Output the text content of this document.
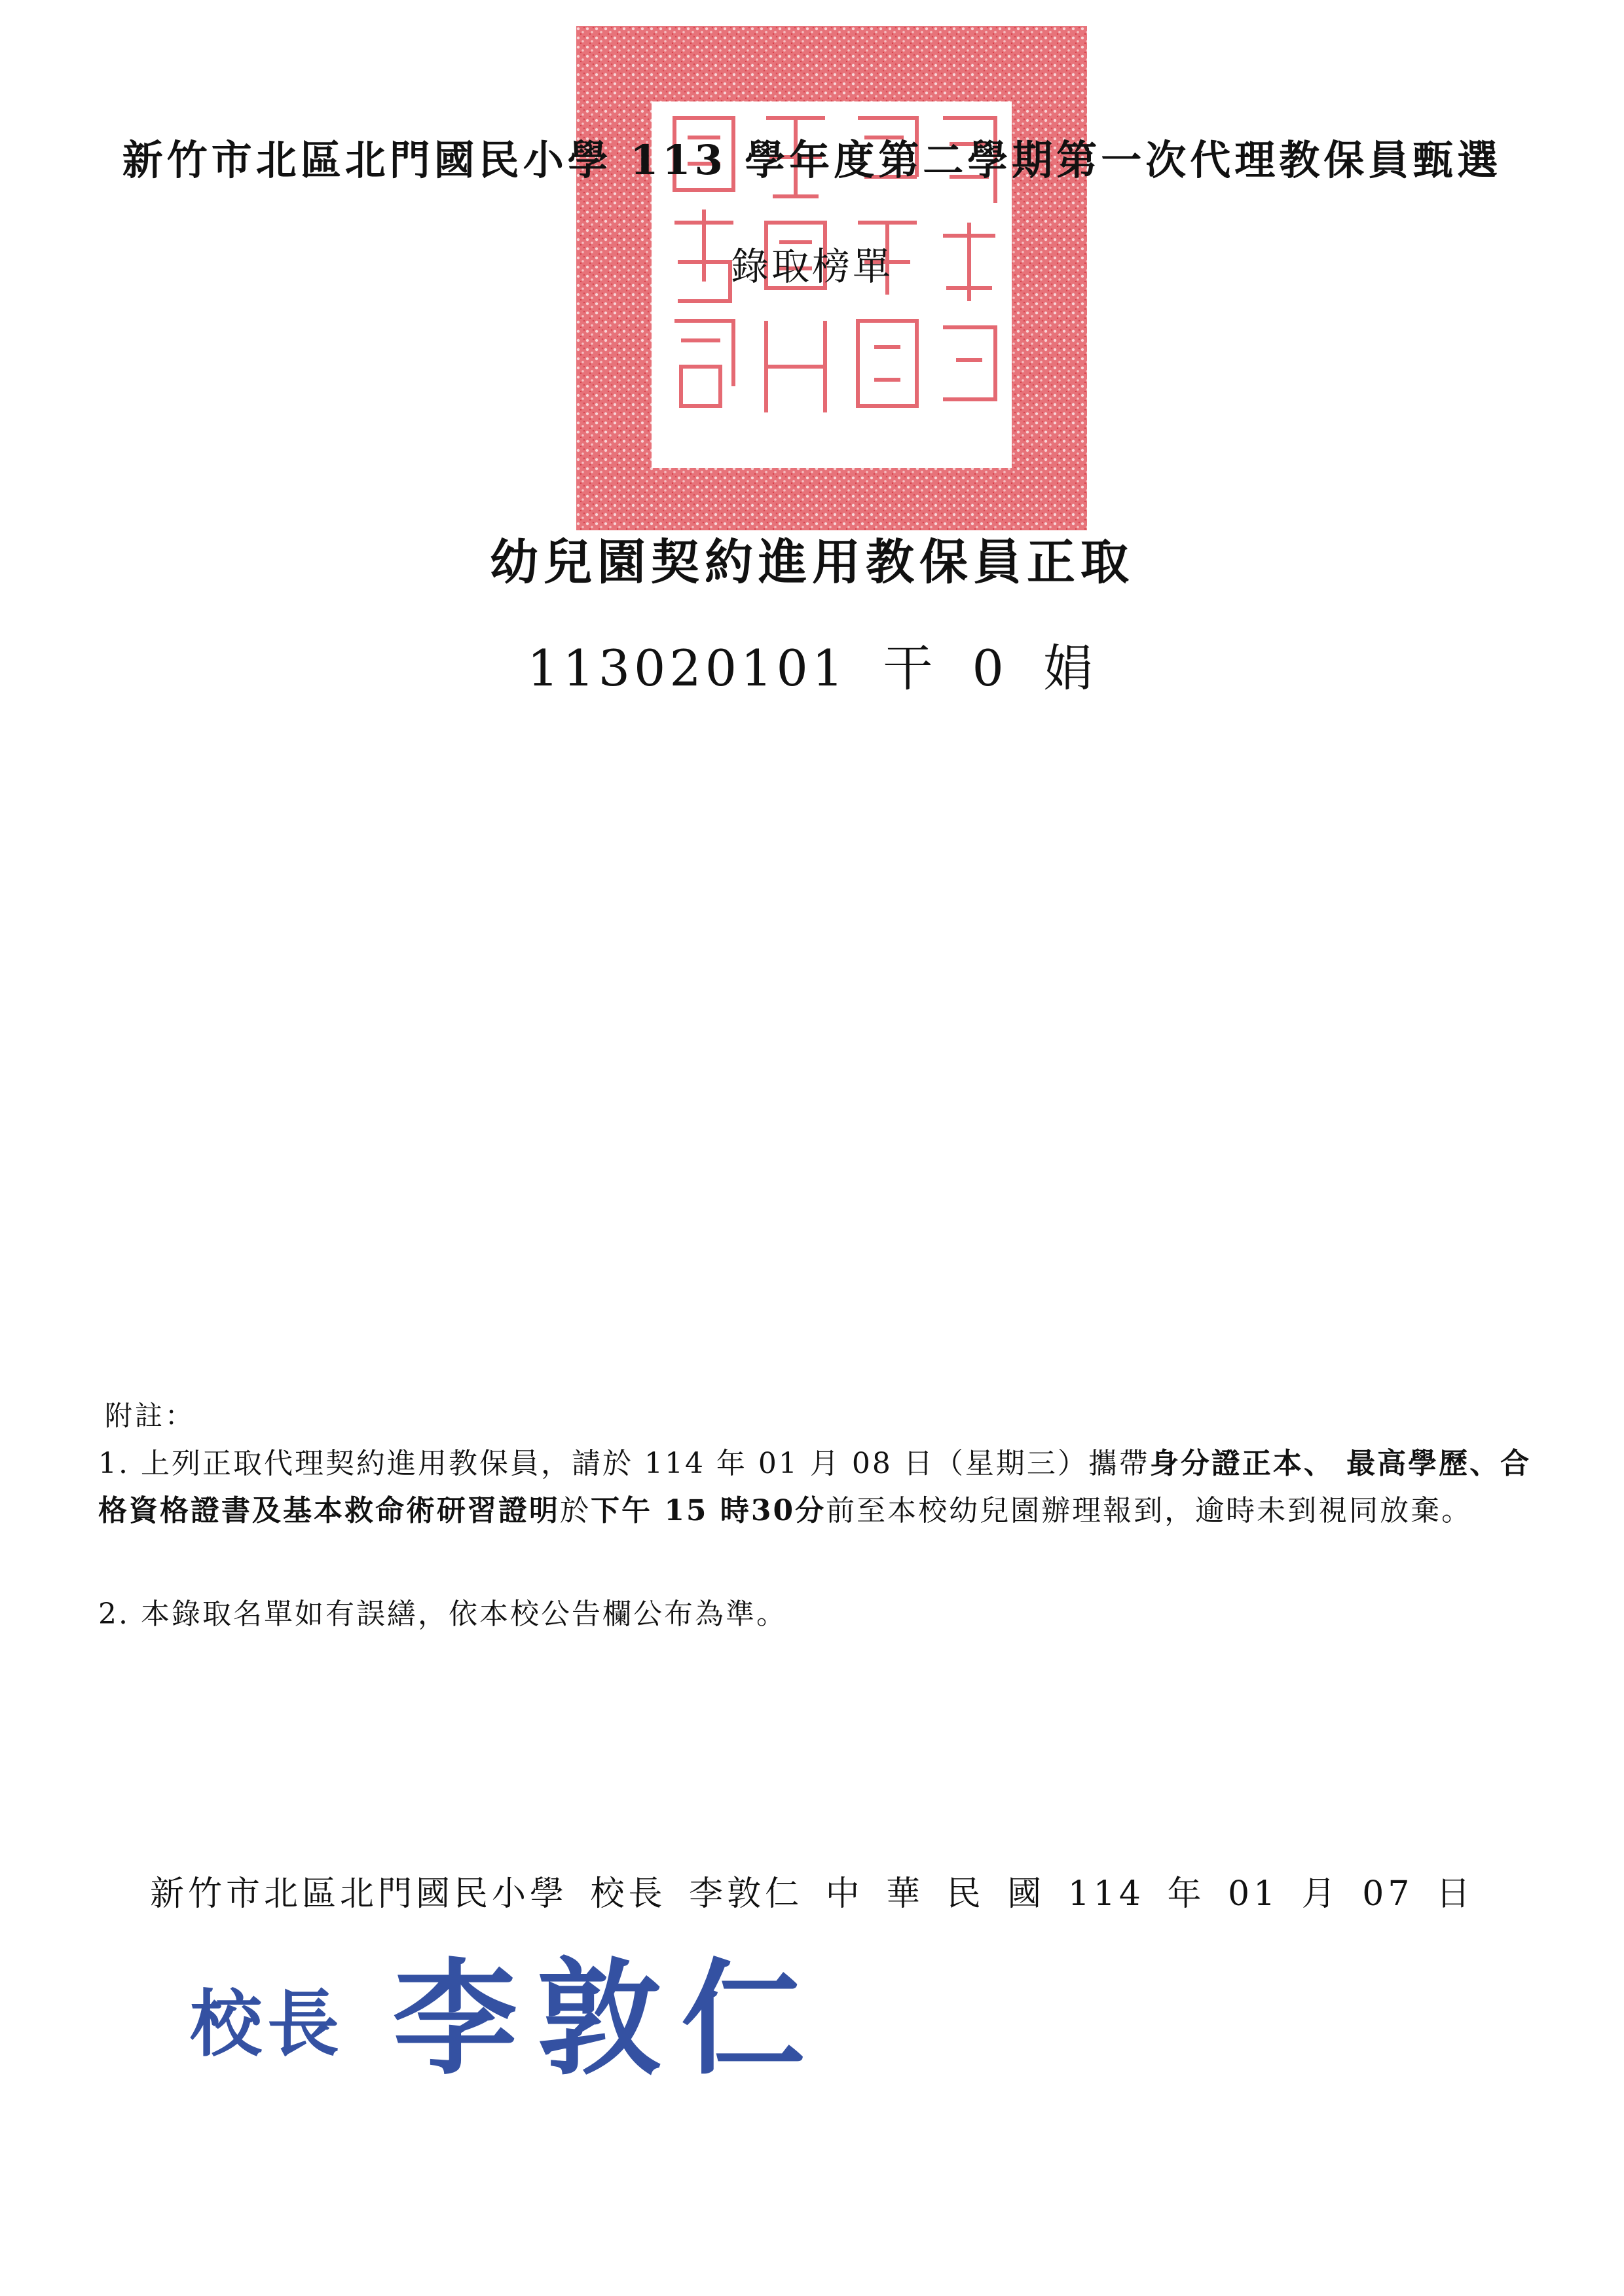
新竹市北區北門國民小學 113 學年度第二學期第一次代理教保員甄選
錄取榜單
幼兒園契約進用教保員正取
113020101 干 0 娟
附註：
1. 上列正取代理契約進用教保員，請於 114 年 01 月 08 日（星期三）攜帶身分證正本、 最高學歷、合格資格證書及基本救命術研習證明於下午 15 時30分前至本校幼兒園辦理報到，逾時未到視同放棄。
2. 本錄取名單如有誤繕，依本校公告欄公布為準。
新竹市北區北門國民小學 校長 李敦仁 中 華 民 國 114 年 01 月 07 日
校長 李敦仁
